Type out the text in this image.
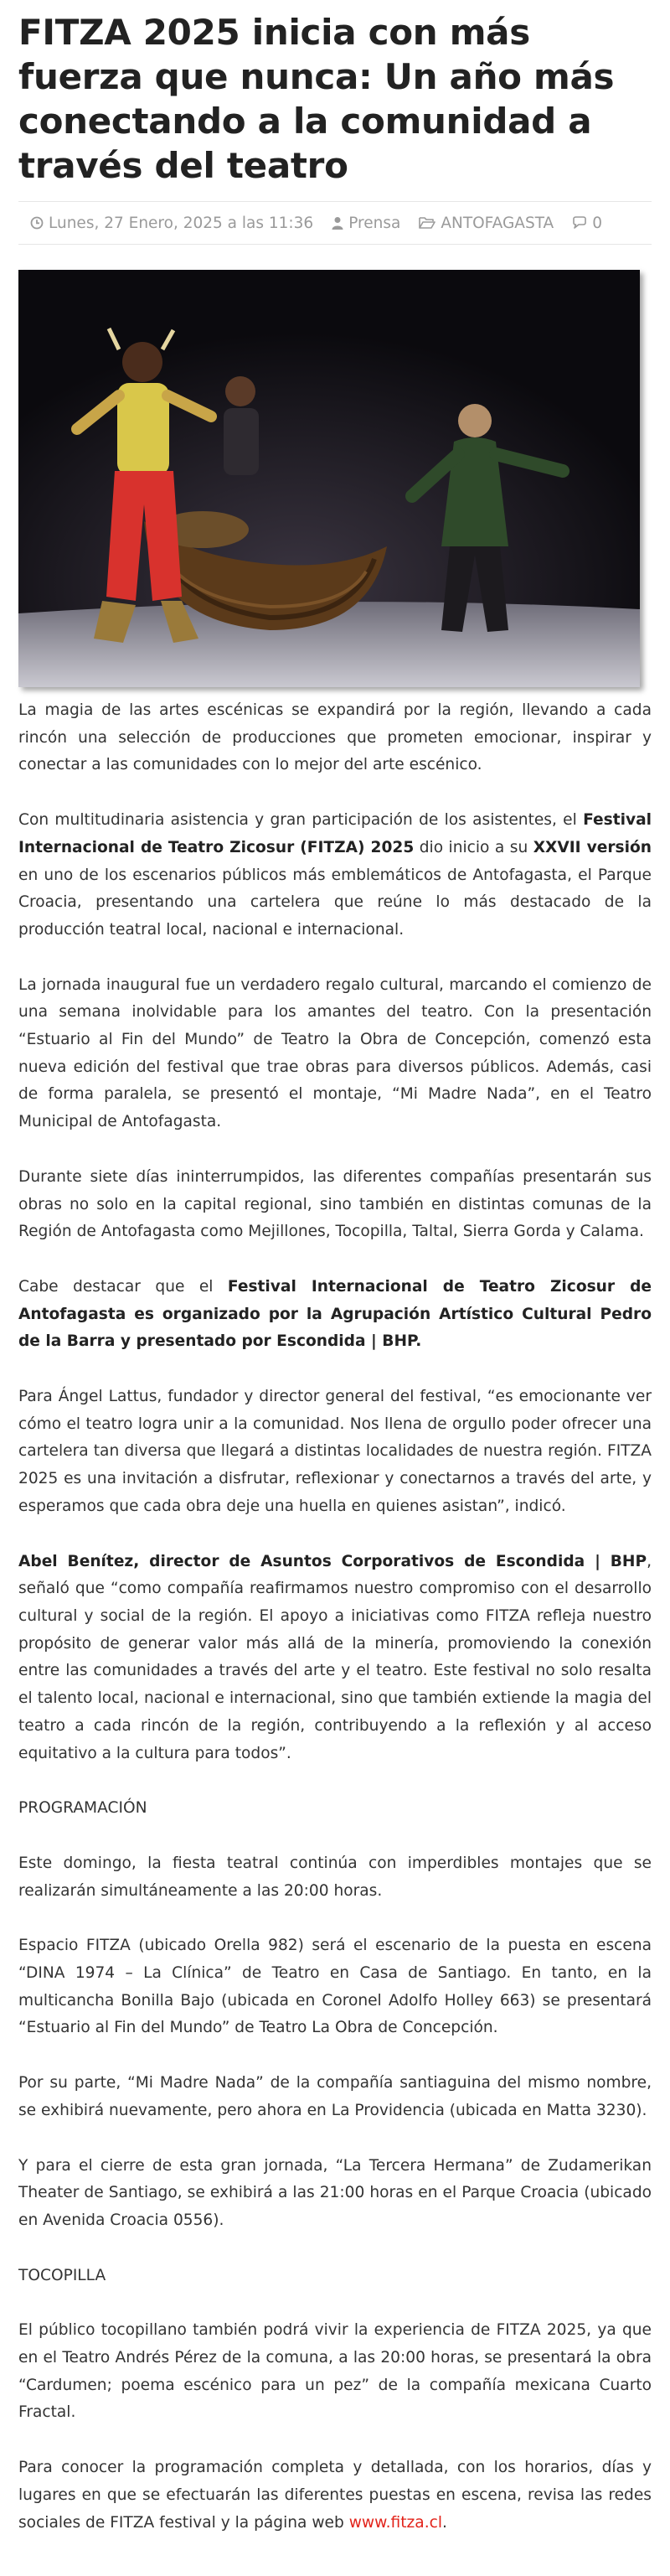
FITZA 2025 inicia con más fuerza que nunca: Un año más conectando a la comunidad a través del teatro
Lunes, 27 Enero, 2025 a las 11:36 Prensa	ANTOFAGASTA 0

La magia de las artes escénicas se expandirá por la región, llevando a cada rincón una selección de producciones que prometen emocionar, inspirar y conectar a las comunidades con lo mejor del arte escénico.

Con multitudinaria asistencia y gran participación de los asistentes, el Festival Internacional de Teatro Zicosur (FITZA) 2025 dio inicio a su XXVII versión en uno de los escenarios públicos más emblemáticos de Antofagasta, el Parque Croacia, presentando una cartelera que reúne lo más destacado de la producción teatral local, nacional e internacional.

La jornada inaugural fue un verdadero regalo cultural, marcando el comienzo de una semana inolvidable para los amantes del teatro. Con la presentación “Estuario al Fin del Mundo” de Teatro la Obra de Concepción, comenzó esta nueva edición del festival que trae obras para diversos públicos. Además, casi de forma paralela, se presentó el montaje, “Mi Madre Nada”, en el Teatro Municipal de Antofagasta.

Durante siete días ininterrumpidos, las diferentes compañías presentarán sus obras no solo en la capital regional, sino también en distintas comunas de la Región de Antofagasta como Mejillones, Tocopilla, Taltal, Sierra Gorda y Calama.

Cabe destacar que el Festival Internacional de Teatro Zicosur de Antofagasta es organizado por la Agrupación Artístico Cultural Pedro de la Barra y presentado por Escondida | BHP.

Para Ángel Lattus, fundador y director general del festival, “es emocionante ver cómo el teatro logra unir a la comunidad. Nos llena de orgullo poder ofrecer una cartelera tan diversa que llegará a distintas localidades de nuestra región. FITZA 2025 es una invitación a disfrutar, reflexionar y conectarnos a través del arte, y esperamos que cada obra deje una huella en quienes asistan”, indicó.

Abel Benítez, director de Asuntos Corporativos de Escondida | BHP, señaló que “como compañía reafirmamos nuestro compromiso con el desarrollo cultural y social de la región. El apoyo a iniciativas como FITZA refleja nuestro propósito de generar valor más allá de la minería, promoviendo la conexión entre las comunidades a través del arte y el teatro. Este festival no solo resalta el talento local, nacional e internacional, sino que también extiende la magia del teatro a cada rincón de la región, contribuyendo a la reflexión y al acceso equitativo a la cultura para todos”.

PROGRAMACIÓN

Este domingo, la fiesta teatral continúa con imperdibles montajes que se realizarán simultáneamente a las 20:00 horas.

Espacio FITZA (ubicado Orella 982) será el escenario de la puesta en escena “DINA 1974 – La Clínica” de Teatro en Casa de Santiago. En tanto, en la multicancha Bonilla Bajo (ubicada en Coronel Adolfo Holley 663) se presentará “Estuario al Fin del Mundo” de Teatro La Obra de Concepción.

Por su parte, “Mi Madre Nada” de la compañía santiaguina del mismo nombre, se exhibirá nuevamente, pero ahora en La Providencia (ubicada en Matta 3230).

Y para el cierre de esta gran jornada, “La Tercera Hermana” de Zudamerikan Theater de Santiago, se exhibirá a las 21:00 horas en el Parque Croacia (ubicado en Avenida Croacia 0556).

TOCOPILLA

El público tocopillano también podrá vivir la experiencia de FITZA 2025, ya que en el Teatro Andrés Pérez de la comuna, a las 20:00 horas, se presentará la obra “Cardumen; poema escénico para un pez” de la compañía mexicana Cuarto Fractal.

Para conocer la programación completa y detallada, con los horarios, días y lugares en que se efectuarán las diferentes puestas en escena, revisa las redes sociales de FITZA festival y la página web www.fitza.cl.
